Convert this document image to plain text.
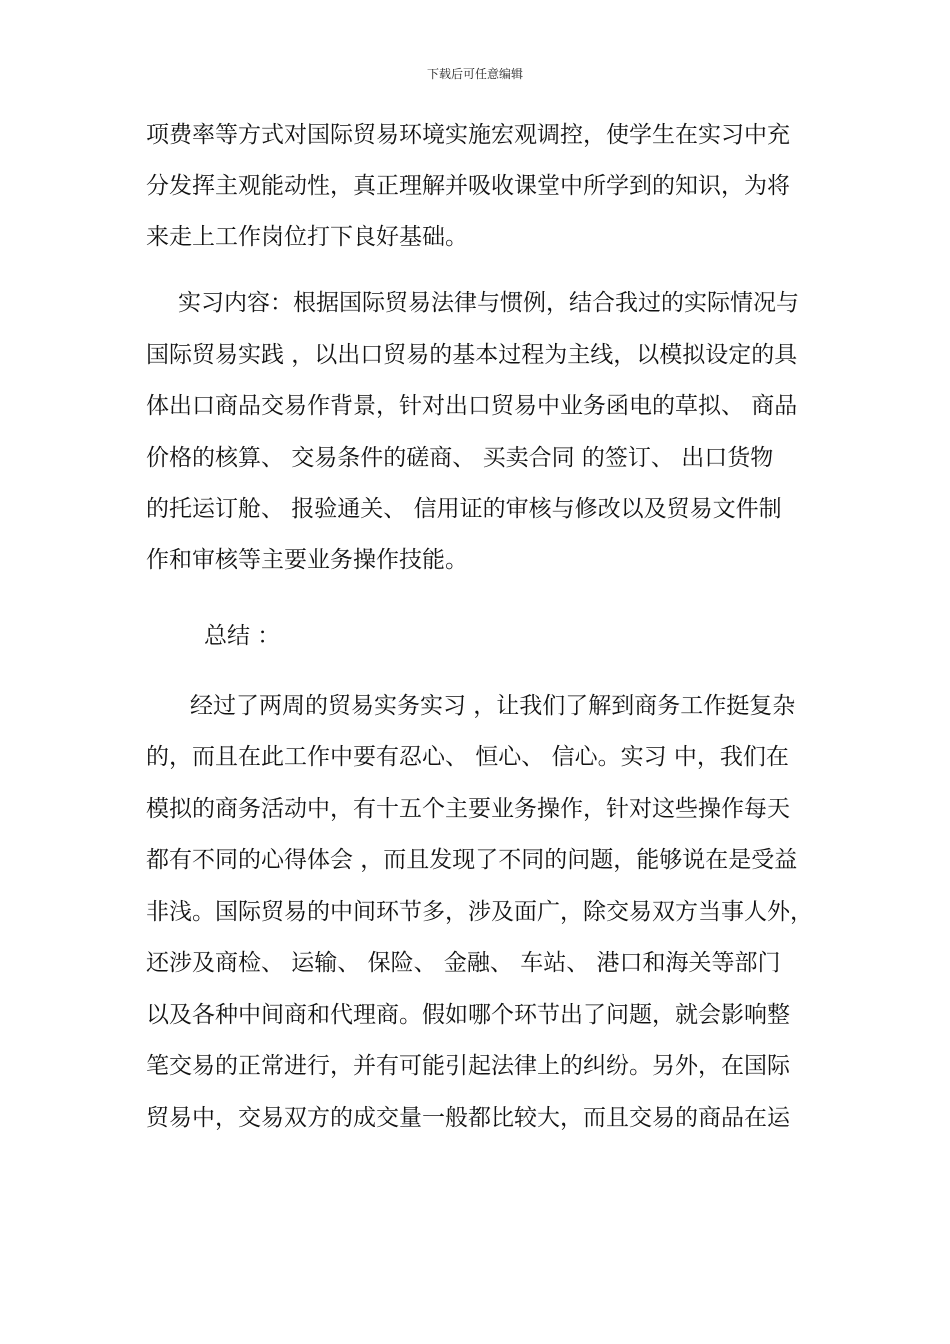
下载后可任意编辑
项费率等方式对国际贸易环境实施宏观调控，使学生在实习中充
分发挥主观能动性，真正理解并吸收课堂中所学到的知识，为将
来走上工作岗位打下良好基础。
实习内容：根据国际贸易法律与惯例，结合我过的实际情况与
国际贸易实践 ，以出口贸易的基本过程为主线，以模拟设定的具
体出口商品交易作背景，针对出口贸易中业务函电的草拟、 商品
价格的核算、 交易条件的磋商、 买卖合同 的签订、 出口货物
的托运订舱、 报验通关、 信用证的审核与修改以及贸易文件制
作和审核等主要业务操作技能。
总结 ：
经过了两周的贸易实务实习 ，让我们了解到商务工作挺复杂
的，而且在此工作中要有忍心、 恒心、 信心。实习 中，我们在
模拟的商务活动中，有十五个主要业务操作，针对这些操作每天
都有不同的心得体会 ，而且发现了不同的问题，能够说在是受益
非浅。国际贸易的中间环节多，涉及面广，除交易双方当事人外，
还涉及商检、 运输、 保险、 金融、 车站、 港口和海关等部门
以及各种中间商和代理商。假如哪个环节出了问题，就会影响整
笔交易的正常进行，并有可能引起法律上的纠纷。另外，在国际
贸易中，交易双方的成交量一般都比较大，而且交易的商品在运
